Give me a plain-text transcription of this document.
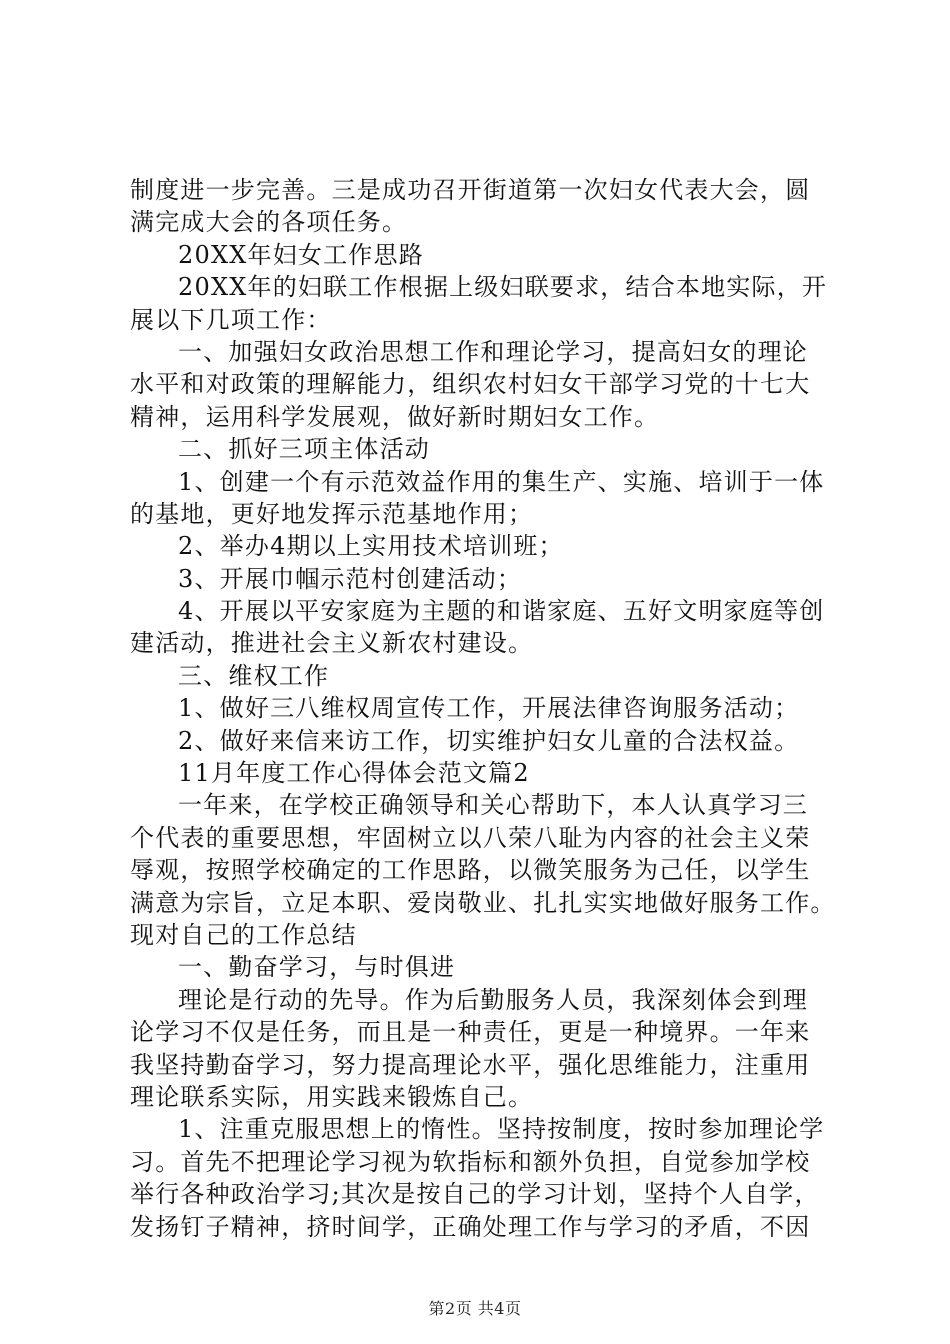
制度进一步完善。三是成功召开街道第一次妇女代表大会，圆
满完成大会的各项任务。
20XX年妇女工作思路
20XX年的妇联工作根据上级妇联要求，结合本地实际，开
展以下几项工作：
一、加强妇女政治思想工作和理论学习，提高妇女的理论
水平和对政策的理解能力，组织农村妇女干部学习党的十七大
精神，运用科学发展观，做好新时期妇女工作。
二、抓好三项主体活动
1、创建一个有示范效益作用的集生产、实施、培训于一体
的基地，更好地发挥示范基地作用；
2、举办4期以上实用技术培训班；
3、开展巾帼示范村创建活动；
4、开展以平安家庭为主题的和谐家庭、五好文明家庭等创
建活动，推进社会主义新农村建设。
三、维权工作
1、做好三八维权周宣传工作，开展法律咨询服务活动；
2、做好来信来访工作，切实维护妇女儿童的合法权益。
11月年度工作心得体会范文篇2
一年来，在学校正确领导和关心帮助下，本人认真学习三
个代表的重要思想，牢固树立以八荣八耻为内容的社会主义荣
辱观，按照学校确定的工作思路，以微笑服务为己任，以学生
满意为宗旨，立足本职、爱岗敬业、扎扎实实地做好服务工作。
现对自己的工作总结
一、勤奋学习，与时俱进
理论是行动的先导。作为后勤服务人员，我深刻体会到理
论学习不仅是任务，而且是一种责任，更是一种境界。一年来
我坚持勤奋学习，努力提高理论水平，强化思维能力，注重用
理论联系实际，用实践来锻炼自己。
1、注重克服思想上的惰性。坚持按制度，按时参加理论学
习。首先不把理论学习视为软指标和额外负担，自觉参加学校
举行各种政治学习;其次是按自己的学习计划，坚持个人自学，
发扬钉子精神，挤时间学，正确处理工作与学习的矛盾，不因
第2页 共4页
